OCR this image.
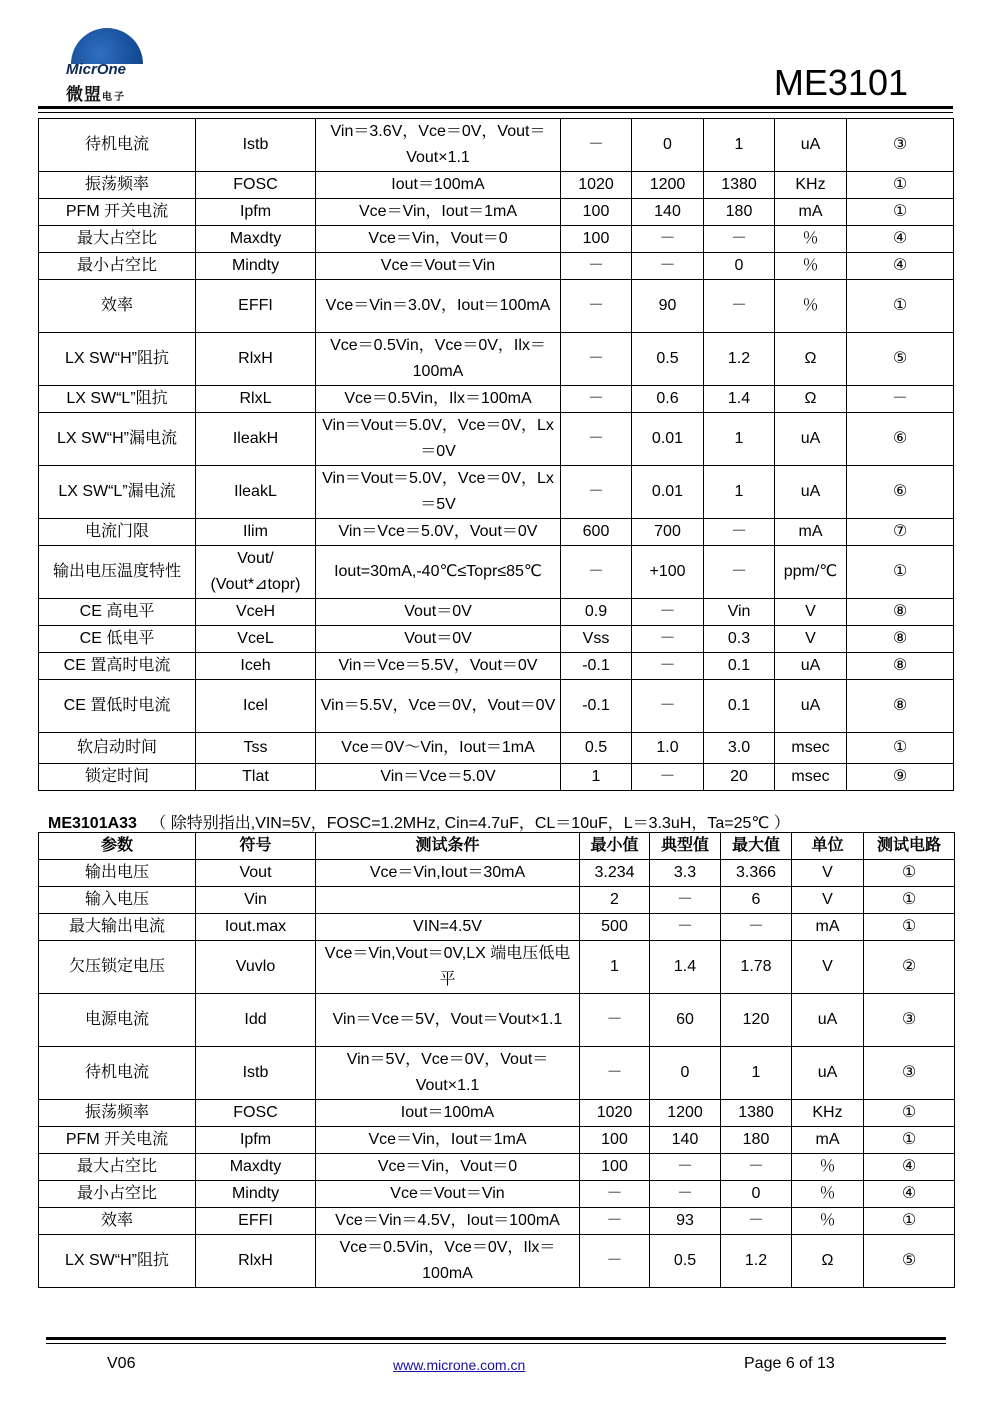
MicrOne
微盟电子	ME3101
待机电流	Istb	Vin＝3.6V，Vce＝0V，Vout＝Vout×1.1	－	0	1	uA	③
振荡频率	FOSC	Iout＝100mA	1020	1200	1380	KHz	①
PFM 开关电流	Ipfm	Vce＝Vin，Iout＝1mA	100	140	180	mA	①
最大占空比	Maxdty	Vce＝Vin，Vout＝0	100	－	－	％	④
最小占空比	Mindty	Vce＝Vout＝Vin	－	－	0	％	④
效率	EFFI	Vce＝Vin＝3.0V，Iout＝100mA	－	90	－	％	①
LX SW“H”阻抗	RlxH	Vce＝0.5Vin，Vce＝0V，Ilx＝100mA	－	0.5	1.2	Ω	⑤
LX SW“L”阻抗	RlxL	Vce＝0.5Vin，Ilx＝100mA	－	0.6	1.4	Ω	－
LX SW“H”漏电流	IleakH	Vin＝Vout＝5.0V，Vce＝0V，Lx＝0V	－	0.01	1	uA	⑥
LX SW“L”漏电流	IleakL	Vin＝Vout＝5.0V，Vce＝0V，Lx＝5V	－	0.01	1	uA	⑥
电流门限	Ilim	Vin＝Vce＝5.0V，Vout＝0V	600	700	－	mA	⑦
输出电压温度特性	Vout/ (Vout*⊿topr)	Iout=30mA,-40℃≤Topr≤85℃	－	+100	－	ppm/℃	①
CE 高电平	VceH	Vout＝0V	0.9	－	Vin	V	⑧
CE 低电平	VceL	Vout＝0V	Vss	－	0.3	V	⑧
CE 置高时电流	Iceh	Vin＝Vce＝5.5V，Vout＝0V	-0.1	－	0.1	uA	⑧
CE 置低时电流	Icel	Vin＝5.5V，Vce＝0V，Vout＝0V	-0.1	－	0.1	uA	⑧
软启动时间	Tss	Vce＝0V～Vin，Iout＝1mA	0.5	1.0	3.0	msec	①
锁定时间	Tlat	Vin＝Vce＝5.0V	1	－	20	msec	⑨
ME3101A33 （ 除特别指出,VIN=5V，FOSC=1.2MHz, Cin=4.7uF，CL＝10uF，L＝3.3uH，Ta=25℃ ）
参数	符号	测试条件	最小值	典型值	最大值	单位	测试电路
输出电压	Vout	Vce＝Vin,Iout＝30mA	3.234	3.3	3.366	V	①
输入电压	Vin		2	－	6	V	①
最大输出电流	Iout.max	VIN=4.5V	500	－	－	mA	①
欠压锁定电压	Vuvlo	Vce＝Vin,Vout＝0V,LX 端电压低电平	1	1.4	1.78	V	②
电源电流	Idd	Vin＝Vce＝5V，Vout＝Vout×1.1	－	60	120	uA	③
待机电流	Istb	Vin＝5V，Vce＝0V，Vout＝Vout×1.1	－	0	1	uA	③
振荡频率	FOSC	Iout＝100mA	1020	1200	1380	KHz	①
PFM 开关电流	Ipfm	Vce＝Vin，Iout＝1mA	100	140	180	mA	①
最大占空比	Maxdty	Vce＝Vin，Vout＝0	100	－	－	％	④
最小占空比	Mindty	Vce＝Vout＝Vin	－	－	0	％	④
效率	EFFI	Vce＝Vin＝4.5V，Iout＝100mA	－	93	－	％	①
LX SW“H”阻抗	RlxH	Vce＝0.5Vin，Vce＝0V，Ilx＝100mA	－	0.5	1.2	Ω	⑤
V06	www.microne.com.cn	Page 6 of 13
